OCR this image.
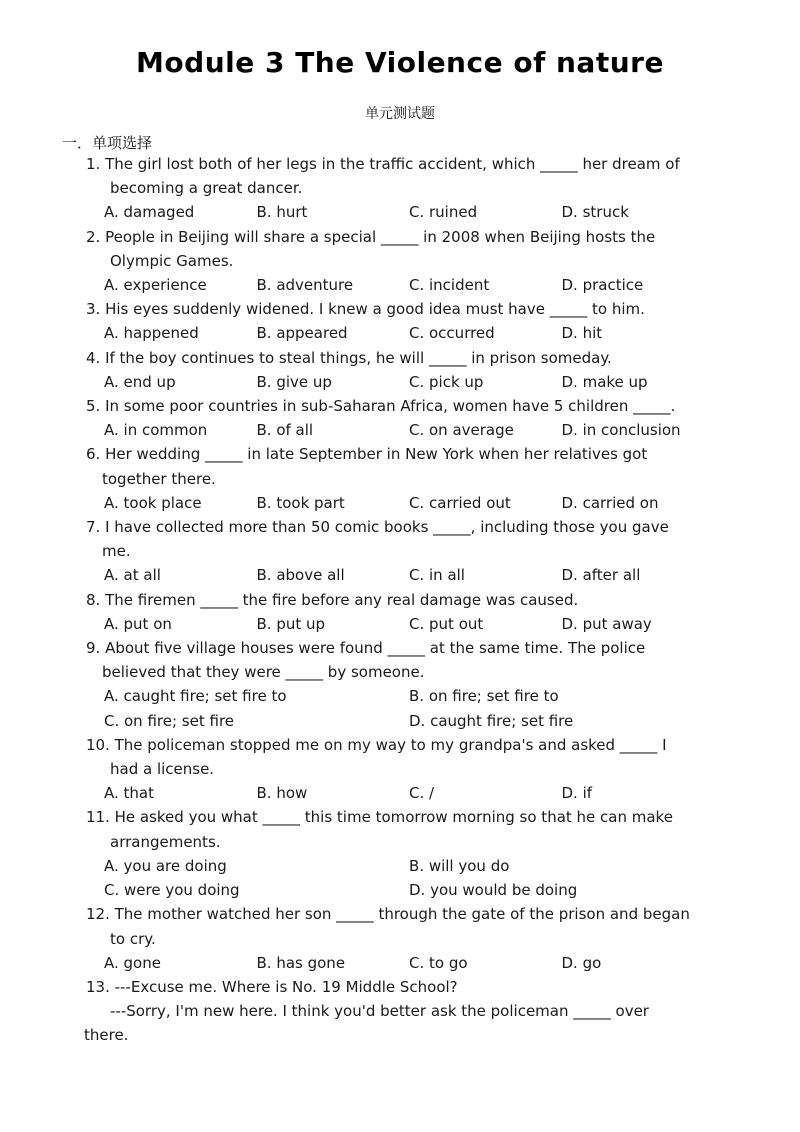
Module 3 The Violence of nature
单元测试题
一．单项选择
1. The girl lost both of her legs in the traffic accident, which _____ her dream of
becoming a great dancer.
A. damaged	B. hurt	C. ruined	D. struck
2. People in Beijing will share a special _____ in 2008 when Beijing hosts the
Olympic Games.
A. experience	B. adventure	C. incident	D. practice
3. His eyes suddenly widened. I knew a good idea must have _____ to him.
A. happened	B. appeared	C. occurred	D. hit
4. If the boy continues to steal things, he will _____ in prison someday.
A. end up	B. give up	C. pick up	D. make up
5. In some poor countries in sub-Saharan Africa, women have 5 children _____.
A. in common	B. of all	C. on average	D. in conclusion
6. Her wedding _____ in late September in New York when her relatives got
together there.
A. took place	B. took part	C. carried out	D. carried on
7. I have collected more than 50 comic books _____, including those you gave
me.
A. at all	B. above all	C. in all	D. after all
8. The firemen _____ the fire before any real damage was caused.
A. put on	B. put up	C. put out	D. put away
9. About five village houses were found _____ at the same time. The police
believed that they were _____ by someone.
A. caught fire; set fire to	B. on fire; set fire to
C. on fire; set fire	D. caught fire; set fire
10. The policeman stopped me on my way to my grandpa's and asked _____ I
had a license.
A. that	B. how	C. /	D. if
11. He asked you what _____ this time tomorrow morning so that he can make
arrangements.
A. you are doing	B. will you do
C. were you doing	D. you would be doing
12. The mother watched her son _____ through the gate of the prison and began
to cry.
A. gone	B. has gone	C. to go	D. go
13. ---Excuse me. Where is No. 19 Middle School?
---Sorry, I'm new here. I think you'd better ask the policeman _____ over
there.
